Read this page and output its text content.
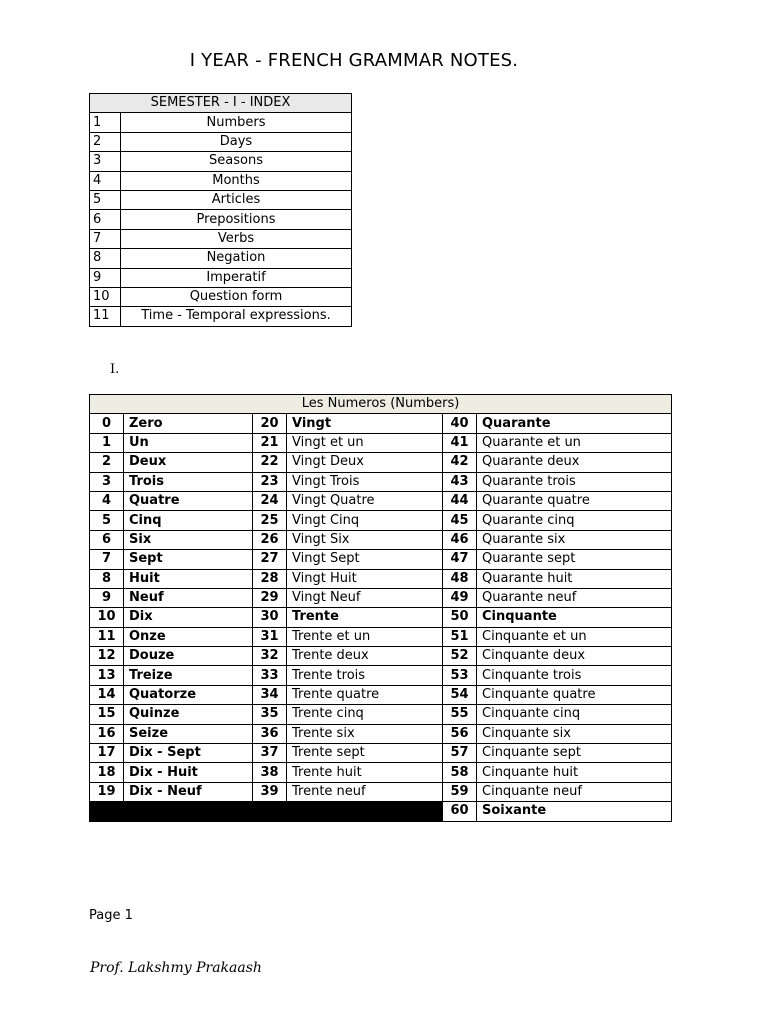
I YEAR - FRENCH GRAMMAR NOTES.
SEMESTER - I - INDEX	
1	Numbers
2	Days
3	Seasons
4	Months
5	Articles
6	Prepositions
7	Verbs
8	Negation
9	Imperatif
10	Question form
11	Time - Temporal expressions.
I.
Les Numeros (Numbers)					
0	Zero	20	Vingt	40	Quarante
1	Un	21	Vingt et un	41	Quarante et un
2	Deux	22	Vingt Deux	42	Quarante deux
3	Trois	23	Vingt Trois	43	Quarante trois
4	Quatre	24	Vingt Quatre	44	Quarante quatre
5	Cinq	25	Vingt Cinq	45	Quarante cinq
6	Six	26	Vingt Six	46	Quarante six
7	Sept	27	Vingt Sept	47	Quarante sept
8	Huit	28	Vingt Huit	48	Quarante huit
9	Neuf	29	Vingt Neuf	49	Quarante neuf
10	Dix	30	Trente	50	Cinquante
11	Onze	31	Trente et un	51	Cinquante et un
12	Douze	32	Trente deux	52	Cinquante deux
13	Treize	33	Trente trois	53	Cinquante trois
14	Quatorze	34	Trente quatre	54	Cinquante quatre
15	Quinze	35	Trente cinq	55	Cinquante cinq
16	Seize	36	Trente six	56	Cinquante six
17	Dix - Sept	37	Trente sept	57	Cinquante sept
18	Dix - Huit	38	Trente huit	58	Cinquante huit
19	Dix - Neuf	39	Trente neuf	59	Cinquante neuf
				60	Soixante
Page 1
Prof. Lakshmy Prakaash
